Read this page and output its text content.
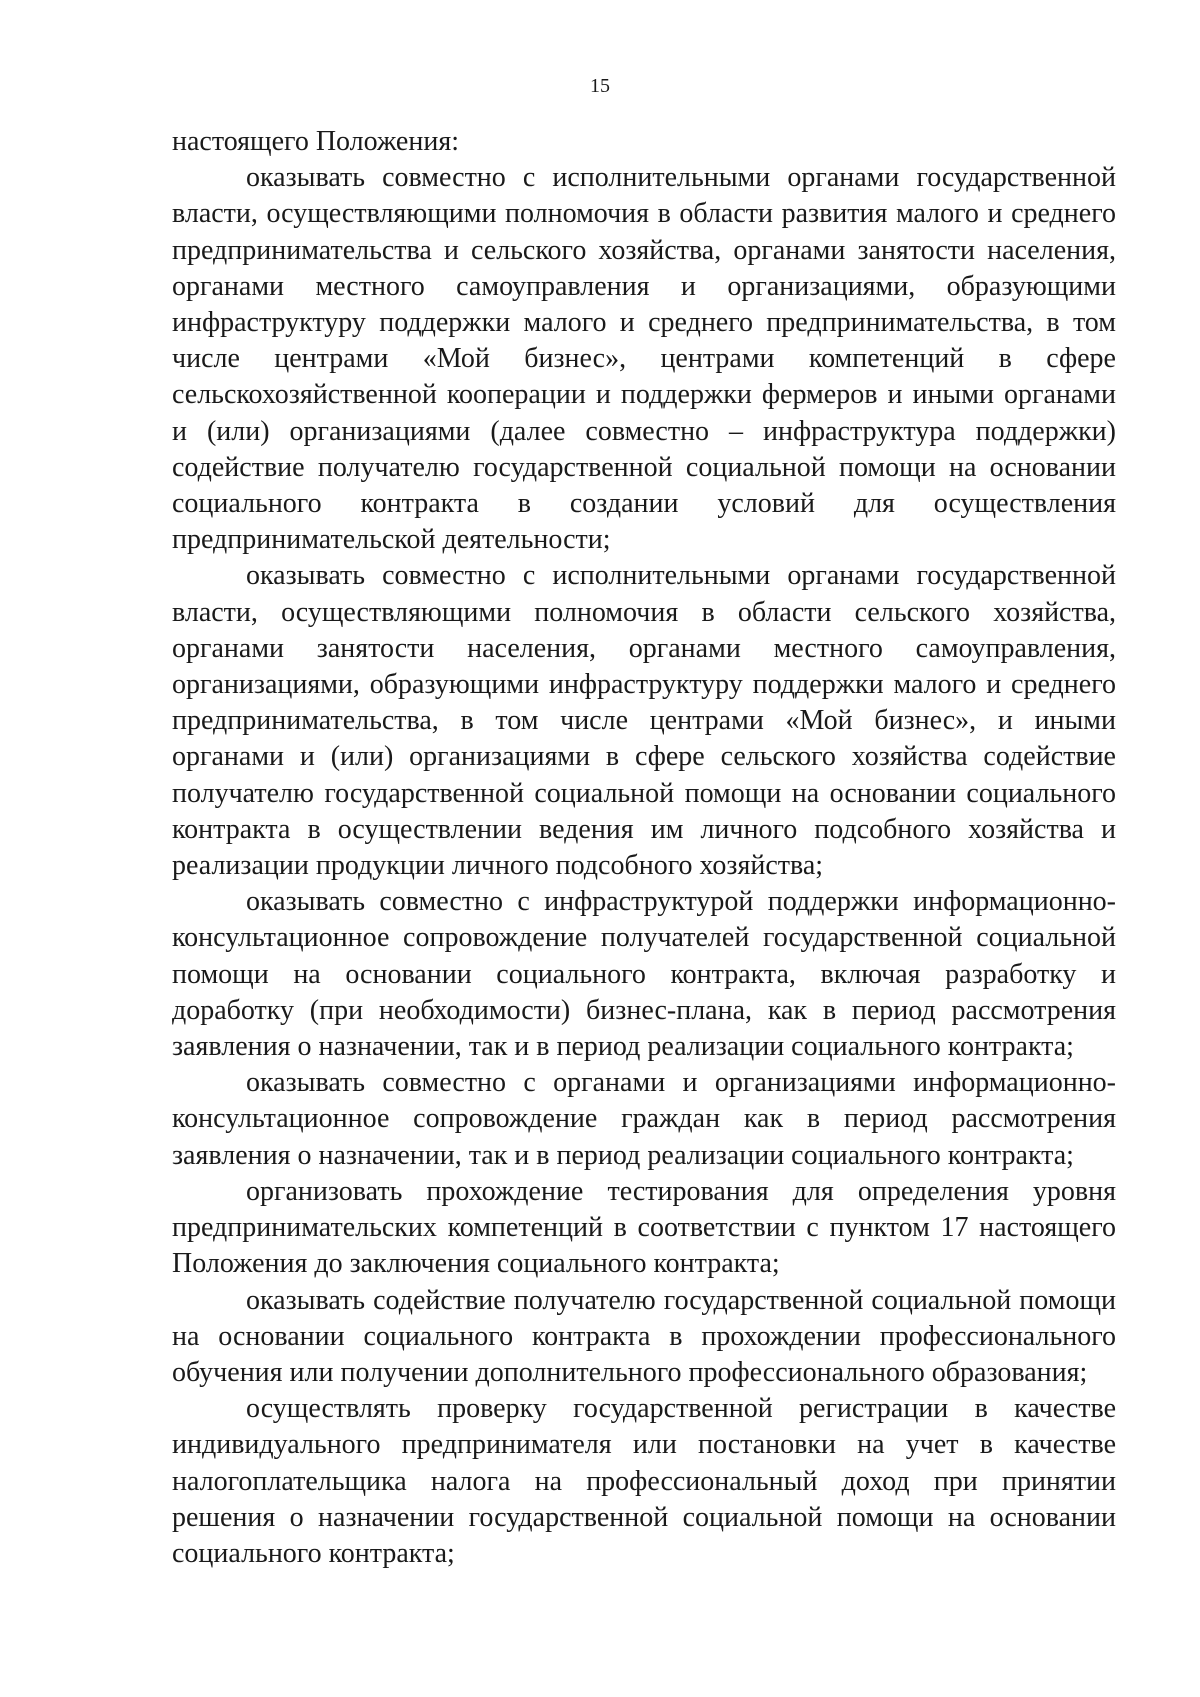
15

настоящего Положения:

оказывать совместно с исполнительными органами государственной власти, осуществляющими полномочия в области развития малого и среднего предпринимательства и сельского хозяйства, органами занятости населения, органами местного самоуправления и организациями, образующими инфраструктуру поддержки малого и среднего предпринимательства, в том числе центрами «Мой бизнес», центрами компетенций в сфере сельскохозяйственной кооперации и поддержки фермеров и иными органами и (или) организациями (далее совместно – инфраструктура поддержки) содействие получателю государственной социальной помощи на основании социального контракта в создании условий для осуществления предпринимательской деятельности;

оказывать совместно с исполнительными органами государственной власти, осуществляющими полномочия в области сельского хозяйства, органами занятости населения, органами местного самоуправления, организациями, образующими инфраструктуру поддержки малого и среднего предпринимательства, в том числе центрами «Мой бизнес», и иными органами и (или) организациями в сфере сельского хозяйства содействие получателю государственной социальной помощи на основании социального контракта в осуществлении ведения им личного подсобного хозяйства и реализации продукции личного подсобного хозяйства;

оказывать совместно с инфраструктурой поддержки информационно-консультационное сопровождение получателей государственной социальной помощи на основании социального контракта, включая разработку и доработку (при необходимости) бизнес-плана, как в период рассмотрения заявления о назначении, так и в период реализации социального контракта;

оказывать совместно с органами и организациями информационно-консультационное сопровождение граждан как в период рассмотрения заявления о назначении, так и в период реализации социального контракта;

организовать прохождение тестирования для определения уровня предпринимательских компетенций в соответствии с пунктом 17 настоящего Положения до заключения социального контракта;

оказывать содействие получателю государственной социальной помощи на основании социального контракта в прохождении профессионального обучения или получении дополнительного профессионального образования;

осуществлять проверку государственной регистрации в качестве индивидуального предпринимателя или постановки на учет в качестве налогоплательщика налога на профессиональный доход при принятии решения о назначении государственной социальной помощи на основании социального контракта;
